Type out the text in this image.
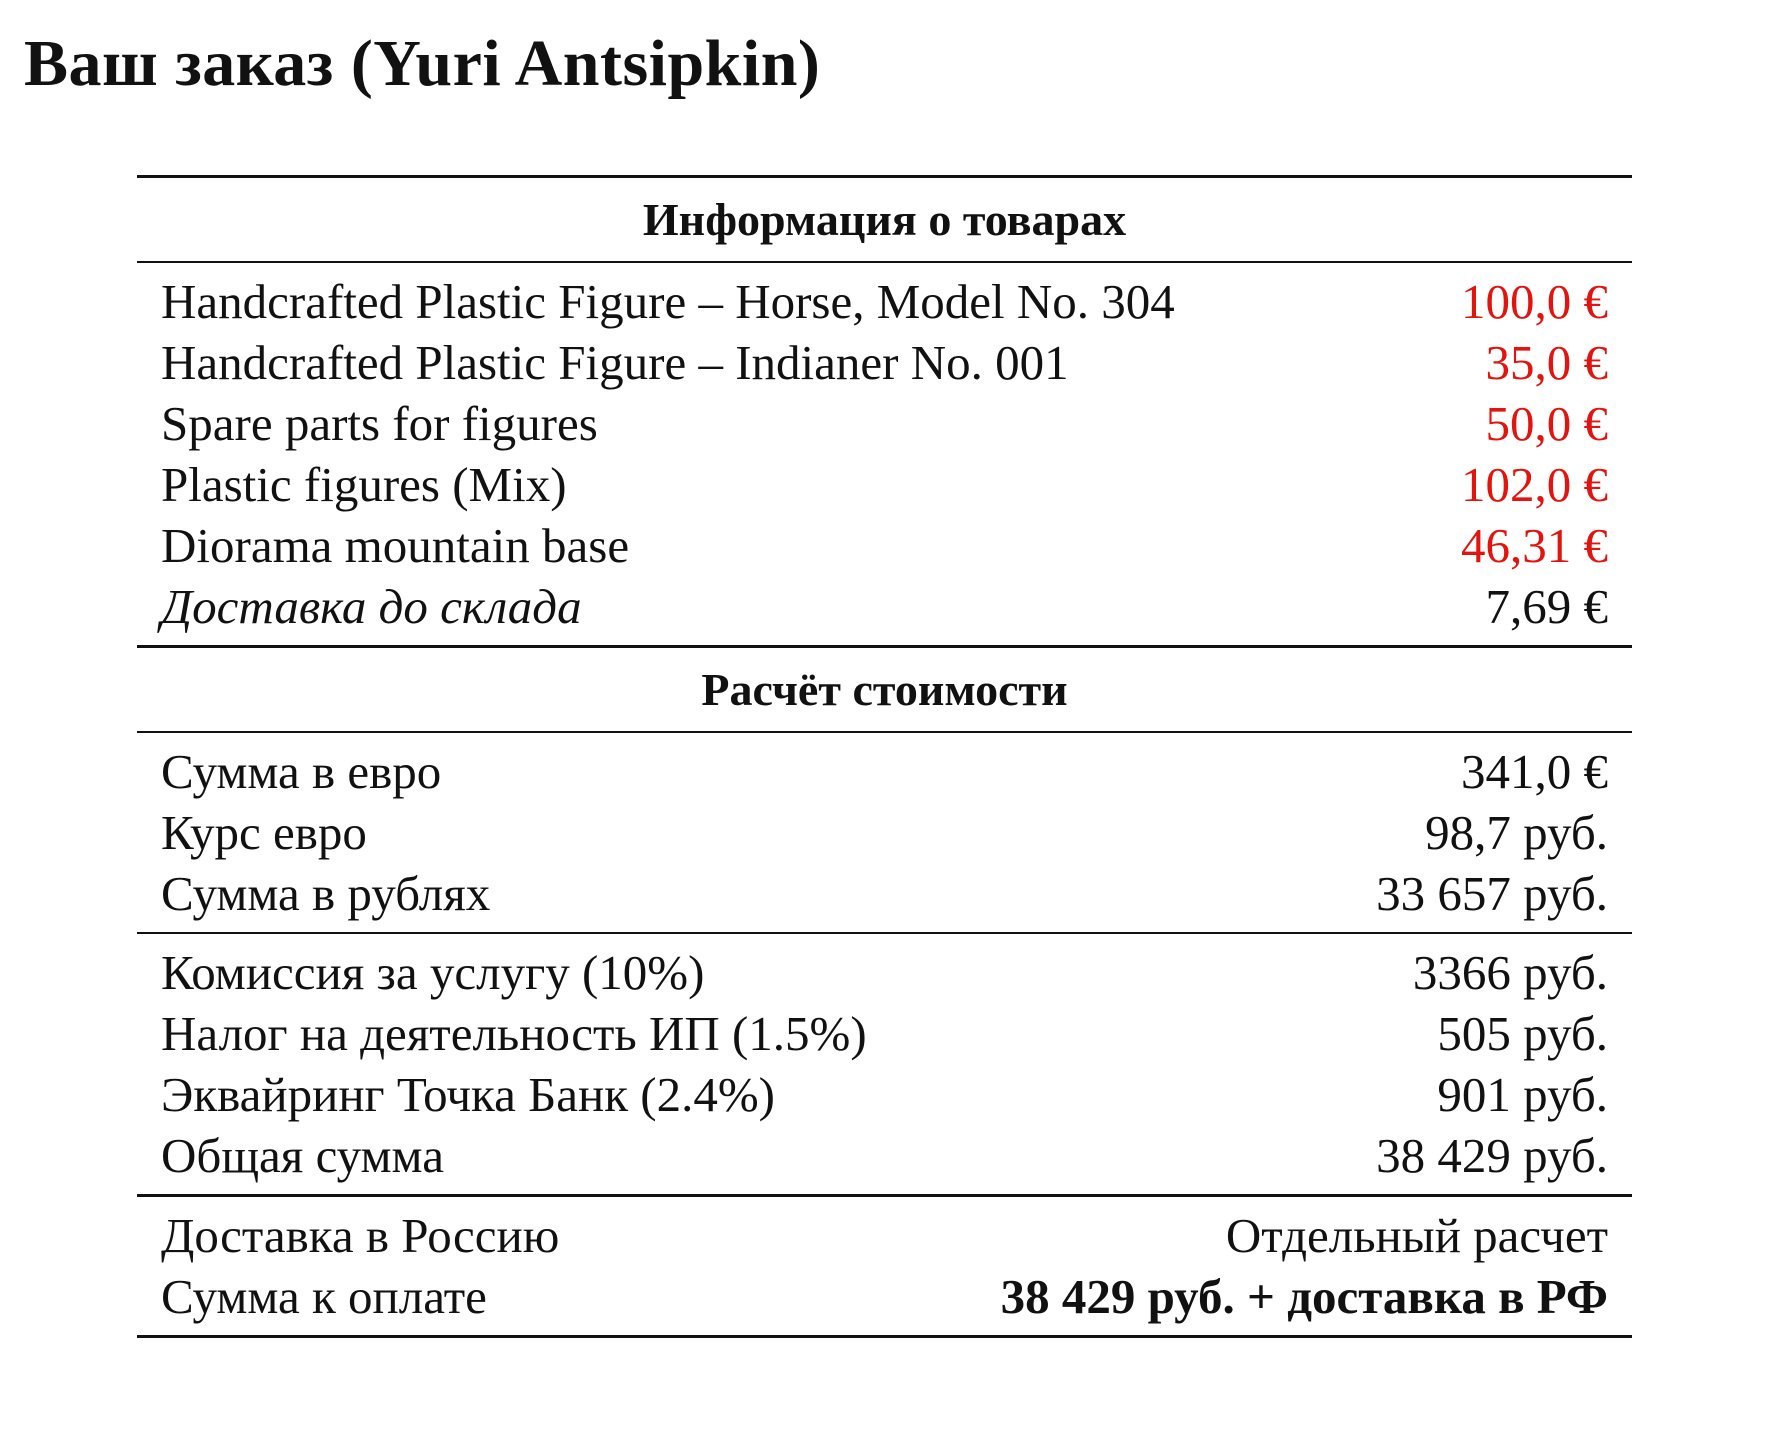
Ваш заказ (Yuri Antsipkin)
Информация о товарах
Handcrafted Plastic Figure – Horse, Model No. 304	100,0 €
Handcrafted Plastic Figure – Indianer No. 001	35,0 €
Spare parts for figures	50,0 €
Plastic figures (Mix)	102,0 €
Diorama mountain base	46,31 €
Доставка до склада	7,69 €
Расчёт стоимости
Сумма в евро	341,0 €
Курс евро	98,7 руб.
Сумма в рублях	33 657 руб.
Комиссия за услугу (10%)	3366 руб.
Налог на деятельность ИП (1.5%)	505 руб.
Эквайринг Точка Банк (2.4%)	901 руб.
Общая сумма	38 429 руб.
Доставка в Россию	Отдельный расчет
Сумма к оплате	38 429 руб. + доставка в РФ
